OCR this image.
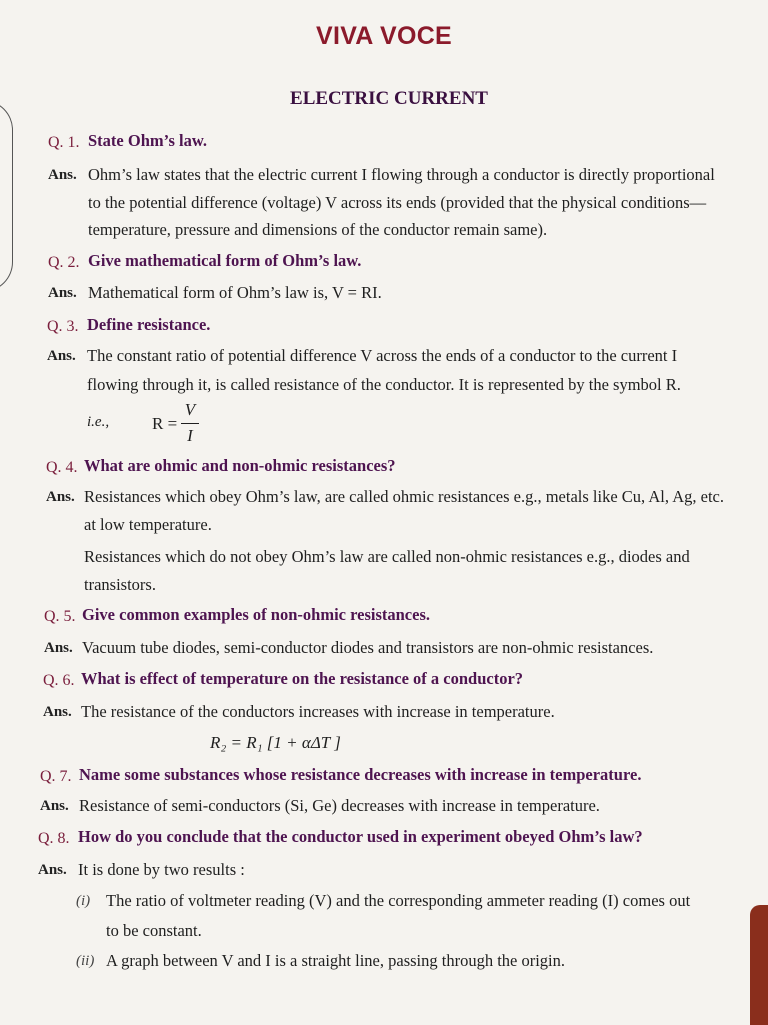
VIVA VOCE
ELECTRIC CURRENT
Q. 1. State Ohm’s law.
Ans. Ohm’s law states that the electric current I flowing through a conductor is directly proportional
to the potential difference (voltage) V across its ends (provided that the physical conditions—
temperature, pressure and dimensions of the conductor remain same).
Q. 2. Give mathematical form of Ohm’s law.
Ans. Mathematical form of Ohm’s law is, V = RI.
Q. 3. Define resistance.
Ans. The constant ratio of potential difference V across the ends of a conductor to the current I
flowing through it, is called resistance of the conductor. It is represented by the symbol R.
i.e.,	R =
V
I
Q. 4. What are ohmic and non-ohmic resistances?
Ans. Resistances which obey Ohm’s law, are called ohmic resistances e.g., metals like Cu, Al, Ag, etc.
at low temperature.
Resistances which do not obey Ohm’s law are called non-ohmic resistances e.g., diodes and
transistors.
Q. 5. Give common examples of non-ohmic resistances.
Ans. Vacuum tube diodes, semi-conductor diodes and transistors are non-ohmic resistances.
Q. 6. What is effect of temperature on the resistance of a conductor?
Ans. The resistance of the conductors increases with increase in temperature.
R₂ = R₁ [1 + αΔT ]
Q. 7. Name some substances whose resistance decreases with increase in temperature.
Ans. Resistance of semi-conductors (Si, Ge) decreases with increase in temperature.
Q. 8. How do you conclude that the conductor used in experiment obeyed Ohm’s law?
Ans. It is done by two results :
(i) The ratio of voltmeter reading (V) and the corresponding ammeter reading (I) comes out
to be constant.
(ii) A graph between V and I is a straight line, passing through the origin.
